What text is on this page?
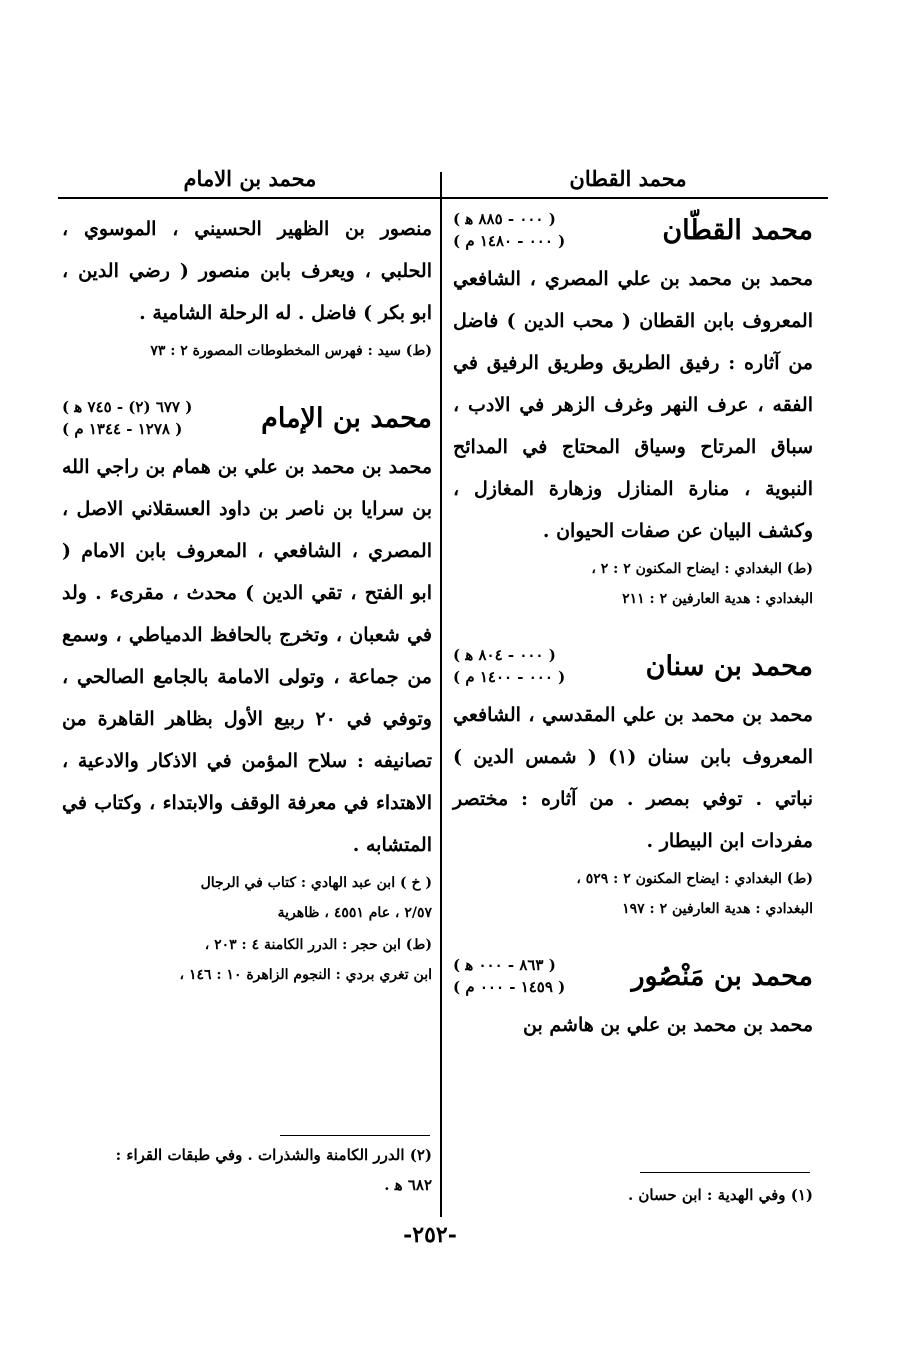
محمد القطان
محمد بن الامام
محمد القطّان
( ٠٠٠ - ٨٨٥ ﻫ )
( ٠٠٠ - ١٤٨٠ م )

محمد بن محمد بن علي المصري ، الشافعي المعروف بابن القطان ( محب الدين ) فاضل من آثاره : رفيق الطريق وطريق الرفيق في الفقه ، عرف النهر وغرف الزهر في الادب ، سباق المرتاح وسياق المحتاج في المدائح النبوية ، منارة المنازل وزهارة المغازل ، وكشف البيان عن صفات الحيوان .

(ط) البغدادي : ايضاح المكنون ٢ : ٢ ،
البغدادي : هدية العارفين ٢ : ٢١١
محمد بن سنان
( ٠٠٠ - ٨٠٤ ﻫ )
( ٠٠٠ - ١٤٠٠ م )

محمد بن محمد بن علي المقدسي ، الشافعي المعروف بابن سنان (١) ( شمس الدين ) نباتي . توفي بمصر . من آثاره : مختصر مفردات ابن البيطار .

(ط) البغدادي : ايضاح المكنون ٢ : ٥٢٩ ،
البغدادي : هدية العارفين ٢ : ١٩٧
محمد بن مَنْصُور
( ٨٦٣ - ٠٠٠ ﻫ )
( ١٤٥٩ - ٠٠٠ م )

محمد بن محمد بن علي بن هاشم بن

(١) وفي الهدية : ابن حسان .

منصور بن الظهير الحسيني ، الموسوي ، الحلبي ، ويعرف بابن منصور ( رضي الدين ، ابو بكر ) فاضل . له الرحلة الشامية .

(ط) سيد : فهرس المخطوطات المصورة ٢ : ٧٣
محمد بن الإمام
( ٦٧٧ (٢) - ٧٤٥ ﻫ )
( ١٢٧٨ - ١٣٤٤ م )

محمد بن محمد بن علي بن همام بن راجي الله بن سرايا بن ناصر بن داود العسقلاني الاصل ، المصري ، الشافعي ، المعروف بابن الامام ( ابو الفتح ، تقي الدين ) محدث ، مقرىء . ولد في شعبان ، وتخرج بالحافظ الدمياطي ، وسمع من جماعة ، وتولى الامامة بالجامع الصالحي ، وتوفي في ٢٠ ربيع الأول بظاهر القاهرة من تصانيفه : سلاح المؤمن في الاذكار والادعية ، الاهتداء في معرفة الوقف والابتداء ، وكتاب في المتشابه .

( خ ) ابن عبد الهادي : كتاب في الرجال
٢/٥٧ ، عام ٤٥٥١ ، ظاهرية
(ط) ابن حجر : الدرر الكامنة ٤ : ٢٠٣ ،
ابن تغري بردي : النجوم الزاهرة ١٠ : ١٤٦ ،
(٢) الدرر الكامنة والشذرات . وفي طبقات القراء :
٦٨٢ ﻫ .
-٢٥٢-
